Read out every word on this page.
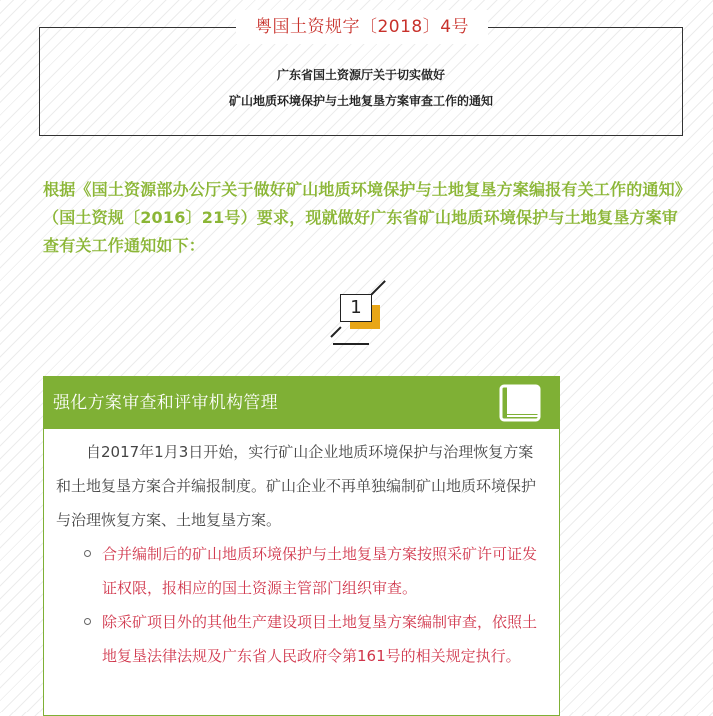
粤国土资规字〔2018〕4号
广东省国土资源厅关于切实做好
矿山地质环境保护与土地复垦方案审查工作的通知

根据《国土资源部办公厅关于做好矿山地质环境保护与土地复垦方案编报有关工作的通知》（国土资规〔2016〕21号）要求，现就做好广东省矿山地质环境保护与土地复垦方案审查有关工作通知如下：

1
强化方案审查和评审机构管理

自2017年1月3日开始，实行矿山企业地质环境保护与治理恢复方案和土地复垦方案合并编报制度。矿山企业不再单独编制矿山地质环境保护与治理恢复方案、土地复垦方案。

合并编制后的矿山地质环境保护与土地复垦方案按照采矿许可证发证权限，报相应的国土资源主管部门组织审查。
除采矿项目外的其他生产建设项目土地复垦方案编制审查，依照土地复垦法律法规及广东省人民政府令第161号的相关规定执行。
